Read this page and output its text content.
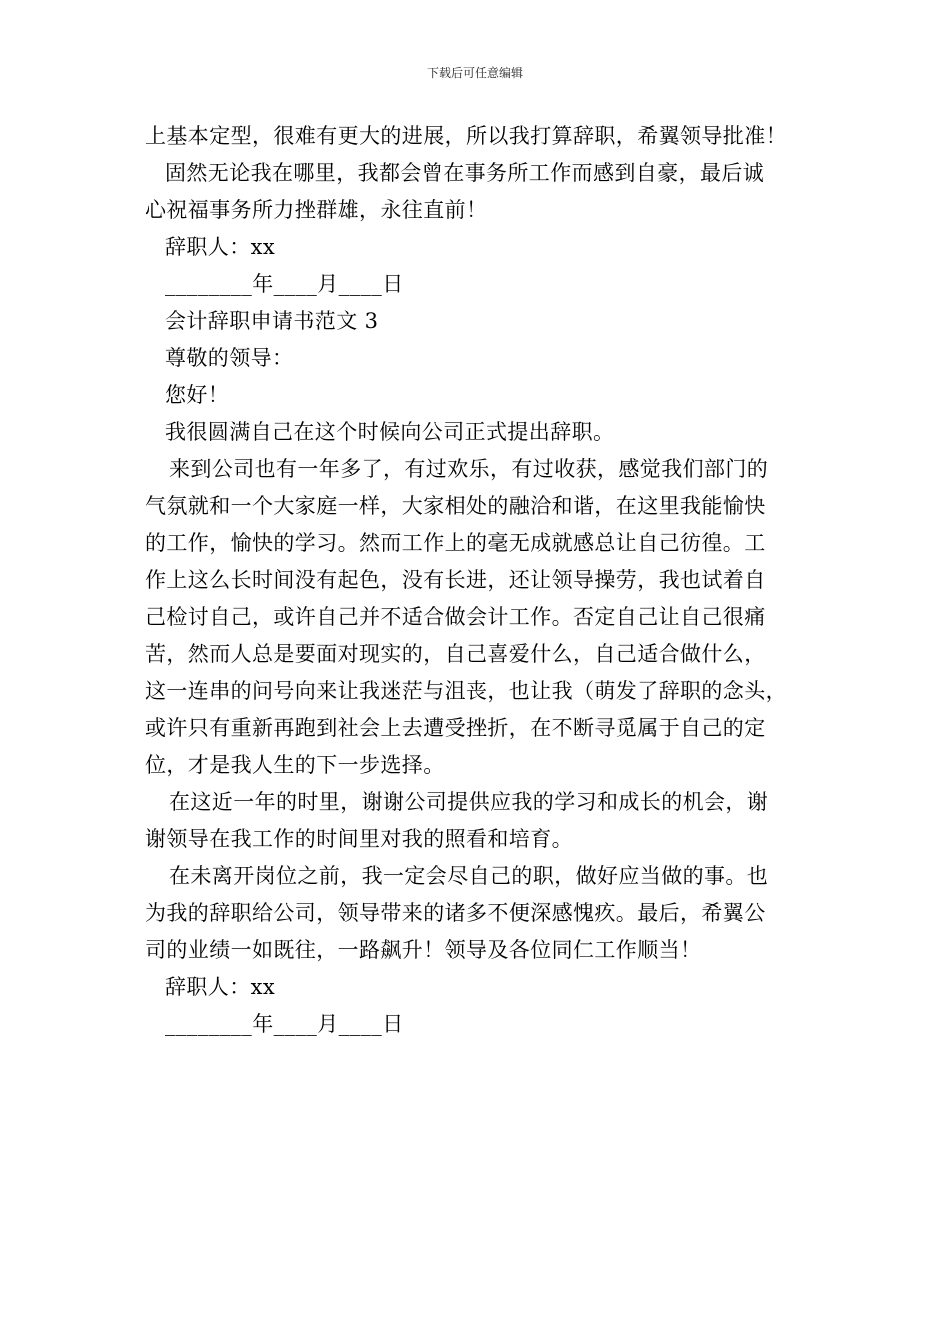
下载后可任意编辑
上基本定型，很难有更大的进展，所以我打算辞职，希翼领导批准！
固然无论我在哪里，我都会曾在事务所工作而感到自豪，最后诚
心祝福事务所力挫群雄，永往直前！
辞职人：xx
________年____月____日
会计辞职申请书范文 3
尊敬的领导：
您好！
我很圆满自己在这个时候向公司正式提出辞职。
来到公司也有一年多了，有过欢乐，有过收获，感觉我们部门的
气氛就和一个大家庭一样，大家相处的融洽和谐，在这里我能愉快
的工作，愉快的学习。然而工作上的毫无成就感总让自己彷徨。工
作上这么长时间没有起色，没有长进，还让领导操劳，我也试着自
己检讨自己，或许自己并不适合做会计工作。否定自己让自己很痛
苦，然而人总是要面对现实的，自己喜爱什么，自己适合做什么，
这一连串的问号向来让我迷茫与沮丧，也让我（萌发了辞职的念头，
或许只有重新再跑到社会上去遭受挫折，在不断寻觅属于自己的定
位，才是我人生的下一步选择。
在这近一年的时里，谢谢公司提供应我的学习和成长的机会，谢
谢领导在我工作的时间里对我的照看和培育。
在未离开岗位之前，我一定会尽自己的职，做好应当做的事。也
为我的辞职给公司，领导带来的诸多不便深感愧疚。最后，希翼公
司的业绩一如既往，一路飙升！领导及各位同仁工作顺当！
辞职人：xx
________年____月____日
